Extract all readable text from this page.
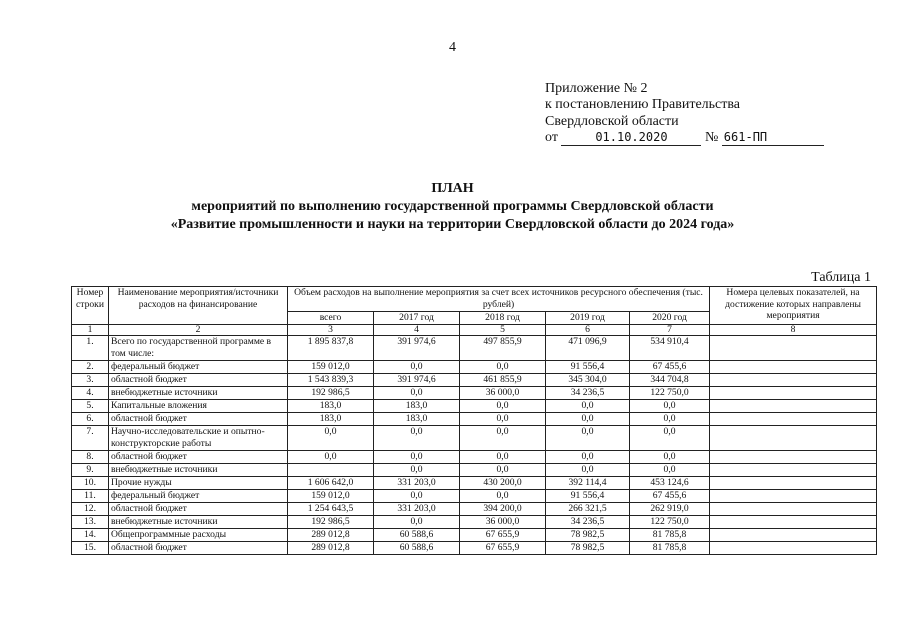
4
Приложение № 2
к постановлению Правительства
Свердловской области
от	01.10.2020	№ 661-ПП
ПЛАН
мероприятий по выполнению государственной программы Свердловской области
«Развитие промышленности и науки на территории Свердловской области до 2024 года»
Таблица 1
Номер строки	Наименование мероприятия/источники расходов на финансирование	Объем расходов на выполнение мероприятия за счет всех источников ресурсного обеспечения (тыс. рублей)					Номера целевых показателей, на достижение которых направлены мероприятия
		всего	2017 год	2018 год	2019 год	2020 год	
1	2	3	4	5	6	7	8
1.	Всего по государственной программе в том числе:	1 895 837,8	391 974,6	497 855,9	471 096,9	534 910,4	
2.	федеральный бюджет	159 012,0	0,0	0,0	91 556,4	67 455,6	
3.	областной бюджет	1 543 839,3	391 974,6	461 855,9	345 304,0	344 704,8	
4.	внебюджетные источники	192 986,5	0,0	36 000,0	34 236,5	122 750,0	
5.	Капитальные вложения	183,0	183,0	0,0	0,0	0,0	
6.	областной бюджет	183,0	183,0	0,0	0,0	0,0	
7.	Научно-исследовательские и опытно-конструкторские работы	0,0	0,0	0,0	0,0	0,0	
8.	областной бюджет	0,0	0,0	0,0	0,0	0,0	
9.	внебюджетные источники		0,0	0,0	0,0	0,0	
10.	Прочие нужды	1 606 642,0	331 203,0	430 200,0	392 114,4	453 124,6	
11.	федеральный бюджет	159 012,0	0,0	0,0	91 556,4	67 455,6	
12.	областной бюджет	1 254 643,5	331 203,0	394 200,0	266 321,5	262 919,0	
13.	внебюджетные источники	192 986,5	0,0	36 000,0	34 236,5	122 750,0	
14.	Общепрограммные расходы	289 012,8	60 588,6	67 655,9	78 982,5	81 785,8	
15.	областной бюджет	289 012,8	60 588,6	67 655,9	78 982,5	81 785,8	
